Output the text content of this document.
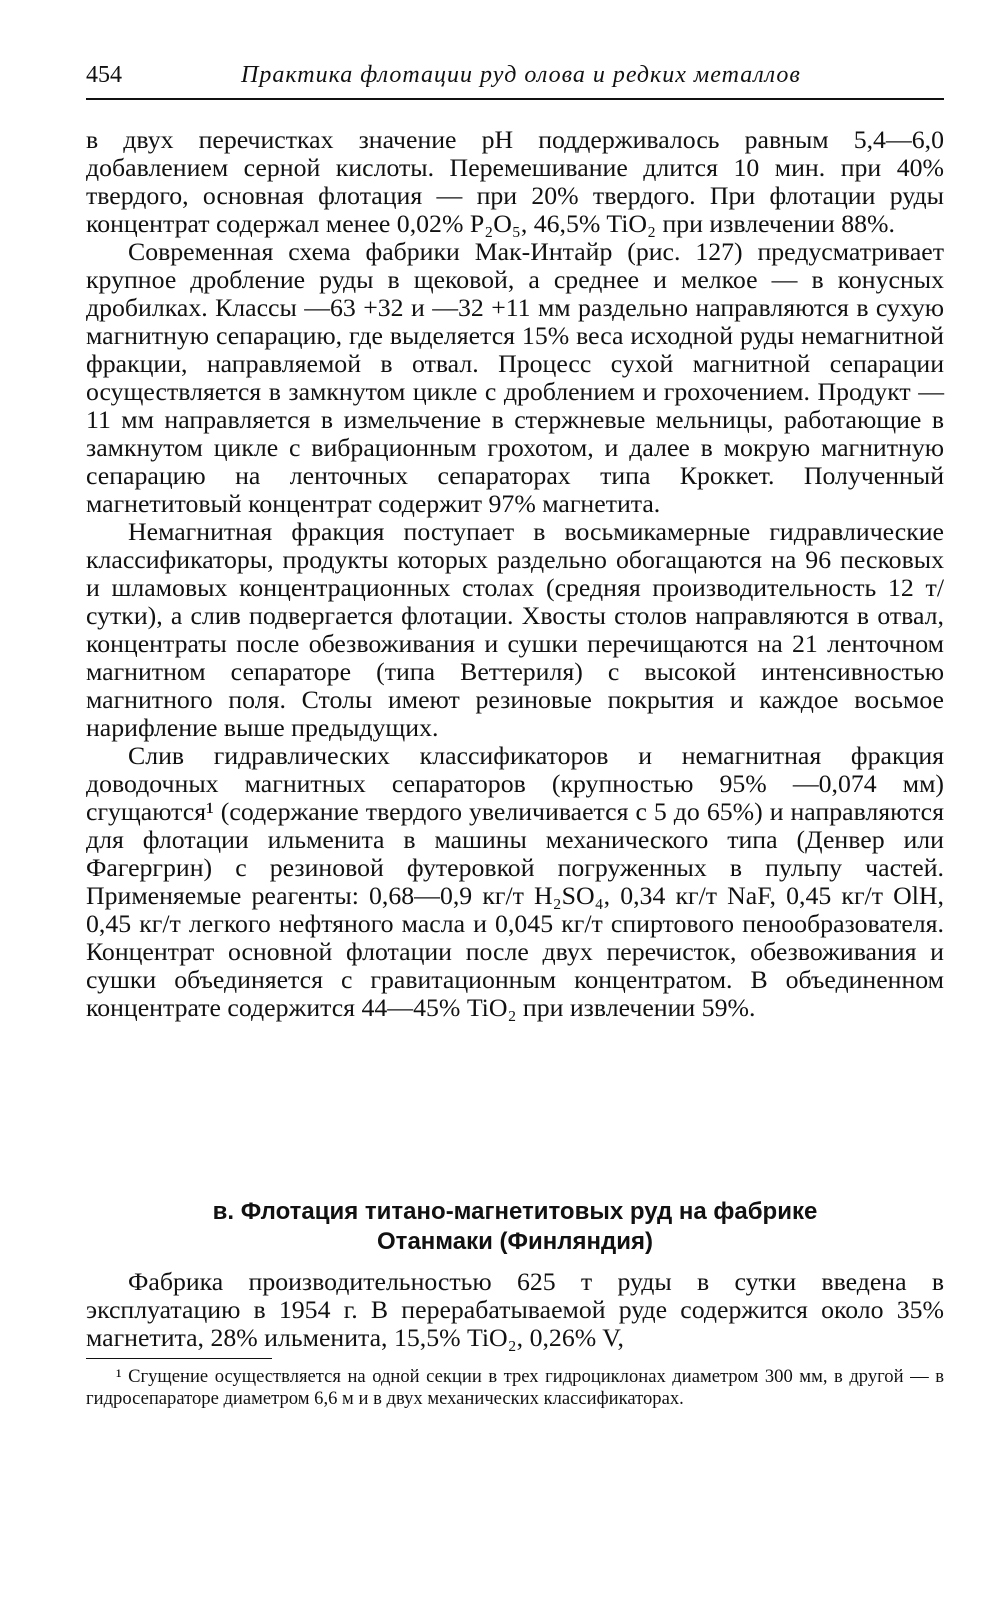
454	Практика флотации руд олова и редких металлов

в двух перечистках значение pH поддерживалось равным 5,4—6,0 добавлением серной кислоты. Перемешивание длится 10 мин. при 40% твердого, основная флотация — при 20% твердого. При флотации руды концентрат содержал менее 0,02% P₂O₅, 46,5% TiO₂ при извлечении 88%.

Современная схема фабрики Мак-Интайр (рис. 127) предусматривает крупное дробление руды в щековой, а среднее и мелкое — в конусных дробилках. Классы —63 +32 и —32 +11 мм раздельно направляются в сухую магнитную сепарацию, где выделяется 15% веса исходной руды немагнитной фракции, направляемой в отвал. Процесс сухой магнитной сепарации осуществляется в замкнутом цикле с дроблением и грохочением. Продукт —11 мм направляется в измельчение в стержневые мельницы, работающие в замкнутом цикле с вибрационным грохотом, и далее в мокрую магнитную сепарацию на ленточных сепараторах типа Кроккет. Полученный магнетитовый концентрат содержит 97% магнетита.

Немагнитная фракция поступает в восьмикамерные гидравлические классификаторы, продукты которых раздельно обогащаются на 96 песковых и шламовых концентрационных столах (средняя производительность 12 т/сутки), а слив подвергается флотации. Хвосты столов направляются в отвал, концентраты после обезвоживания и сушки перечищаются на 21 ленточном магнитном сепараторе (типа Веттериля) с высокой интенсивностью магнитного поля. Столы имеют резиновые покрытия и каждое восьмое нарифление выше предыдущих.

Слив гидравлических классификаторов и немагнитная фракция доводочных магнитных сепараторов (крупностью 95% —0,074 мм) сгущаются¹ (содержание твердого увеличивается с 5 до 65%) и направляются для флотации ильменита в машины механического типа (Денвер или Фагергрин) с резиновой футеровкой погруженных в пульпу частей. Применяемые реагенты: 0,68—0,9 кг/т H₂SO₄, 0,34 кг/т NaF, 0,45 кг/т OlH, 0,45 кг/т легкого нефтяного масла и 0,045 кг/т спиртового пенообразователя. Концентрат основной флотации после двух перечисток, обезвоживания и сушки объединяется с гравитационным концентратом. В объединенном концентрате содержится 44—45% TiO₂ при извлечении 59%.

в. Флотация титано-магнетитовых руд на фабрике
Отанмаки (Финляндия)

Фабрика производительностью 625 т руды в сутки введена в эксплуатацию в 1954 г. В перерабатываемой руде содержится около 35% магнетита, 28% ильменита, 15,5% TiO₂, 0,26% V,

¹ Сгущение осуществляется на одной секции в трех гидроциклонах диаметром 300 мм, в другой — в гидросепараторе диаметром 6,6 м и в двух механических классификаторах.
